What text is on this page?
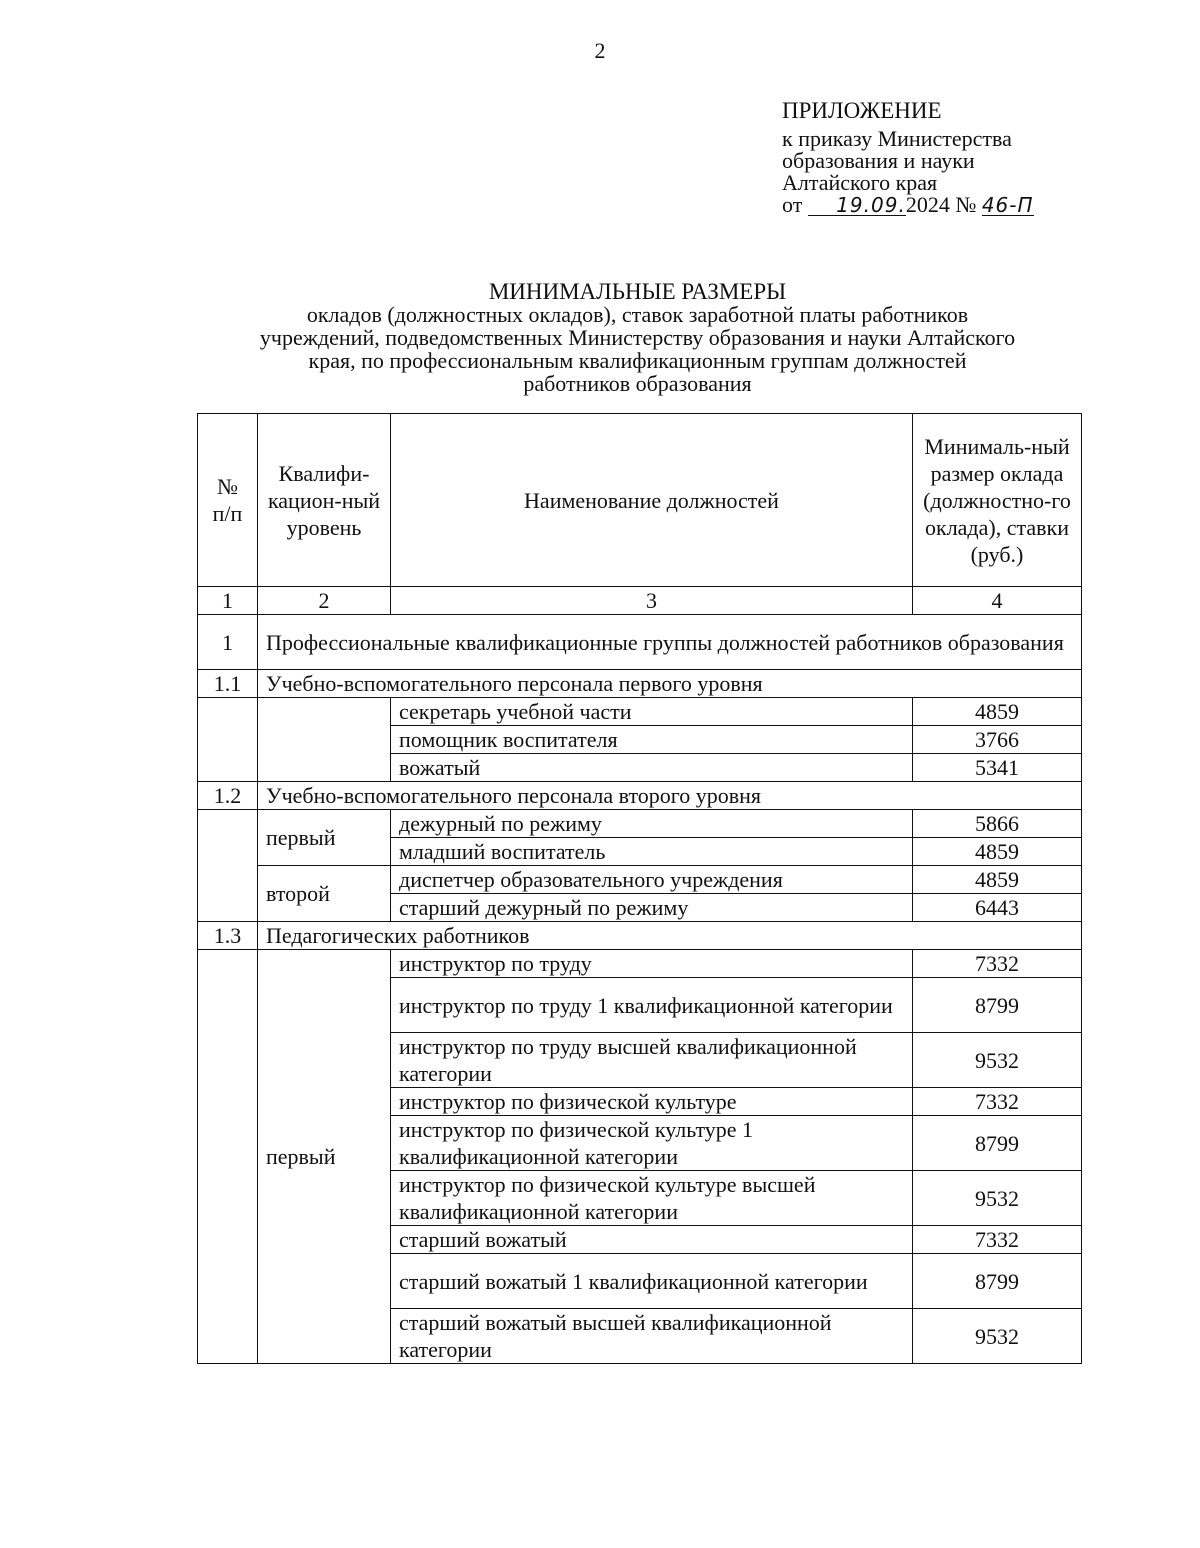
2
ПРИЛОЖЕНИЕ
к приказу Министерства
образования и науки
Алтайского края
от 19.09.2024 № 46-П
МИНИМАЛЬНЫЕ РАЗМЕРЫ
окладов (должностных окладов), ставок заработной платы работников
учреждений, подведомственных Министерству образования и науки Алтайского
края, по профессиональным квалификационным группам должностей
работников образования
№ п/п	Квалифи-кацион-ный уровень	Наименование должностей	Минималь-ный размер оклада (должностно-го оклада), ставки (руб.)
1	2	3	4
1	Профессиональные квалификационные группы должностей работников образования		
1.1	Учебно-вспомогательного персонала первого уровня		
		секретарь учебной части	4859
		помощник воспитателя	3766
		вожатый	5341
1.2	Учебно-вспомогательного персонала второго уровня		
	первый	дежурный по режиму	5866
		младший воспитатель	4859
	второй	диспетчер образовательного учреждения	4859
		старший дежурный по режиму	6443
1.3	Педагогических работников		
	первый	инструктор по труду	7332
		инструктор по труду 1 квалификационной категории	8799
		инструктор по труду высшей квалификационной категории	9532
		инструктор по физической культуре	7332
		инструктор по физической культуре 1 квалификационной категории	8799
		инструктор по физической культуре высшей квалификационной категории	9532
		старший вожатый	7332
		старший вожатый 1 квалификационной категории	8799
		старший вожатый высшей квалификационной категории	9532
